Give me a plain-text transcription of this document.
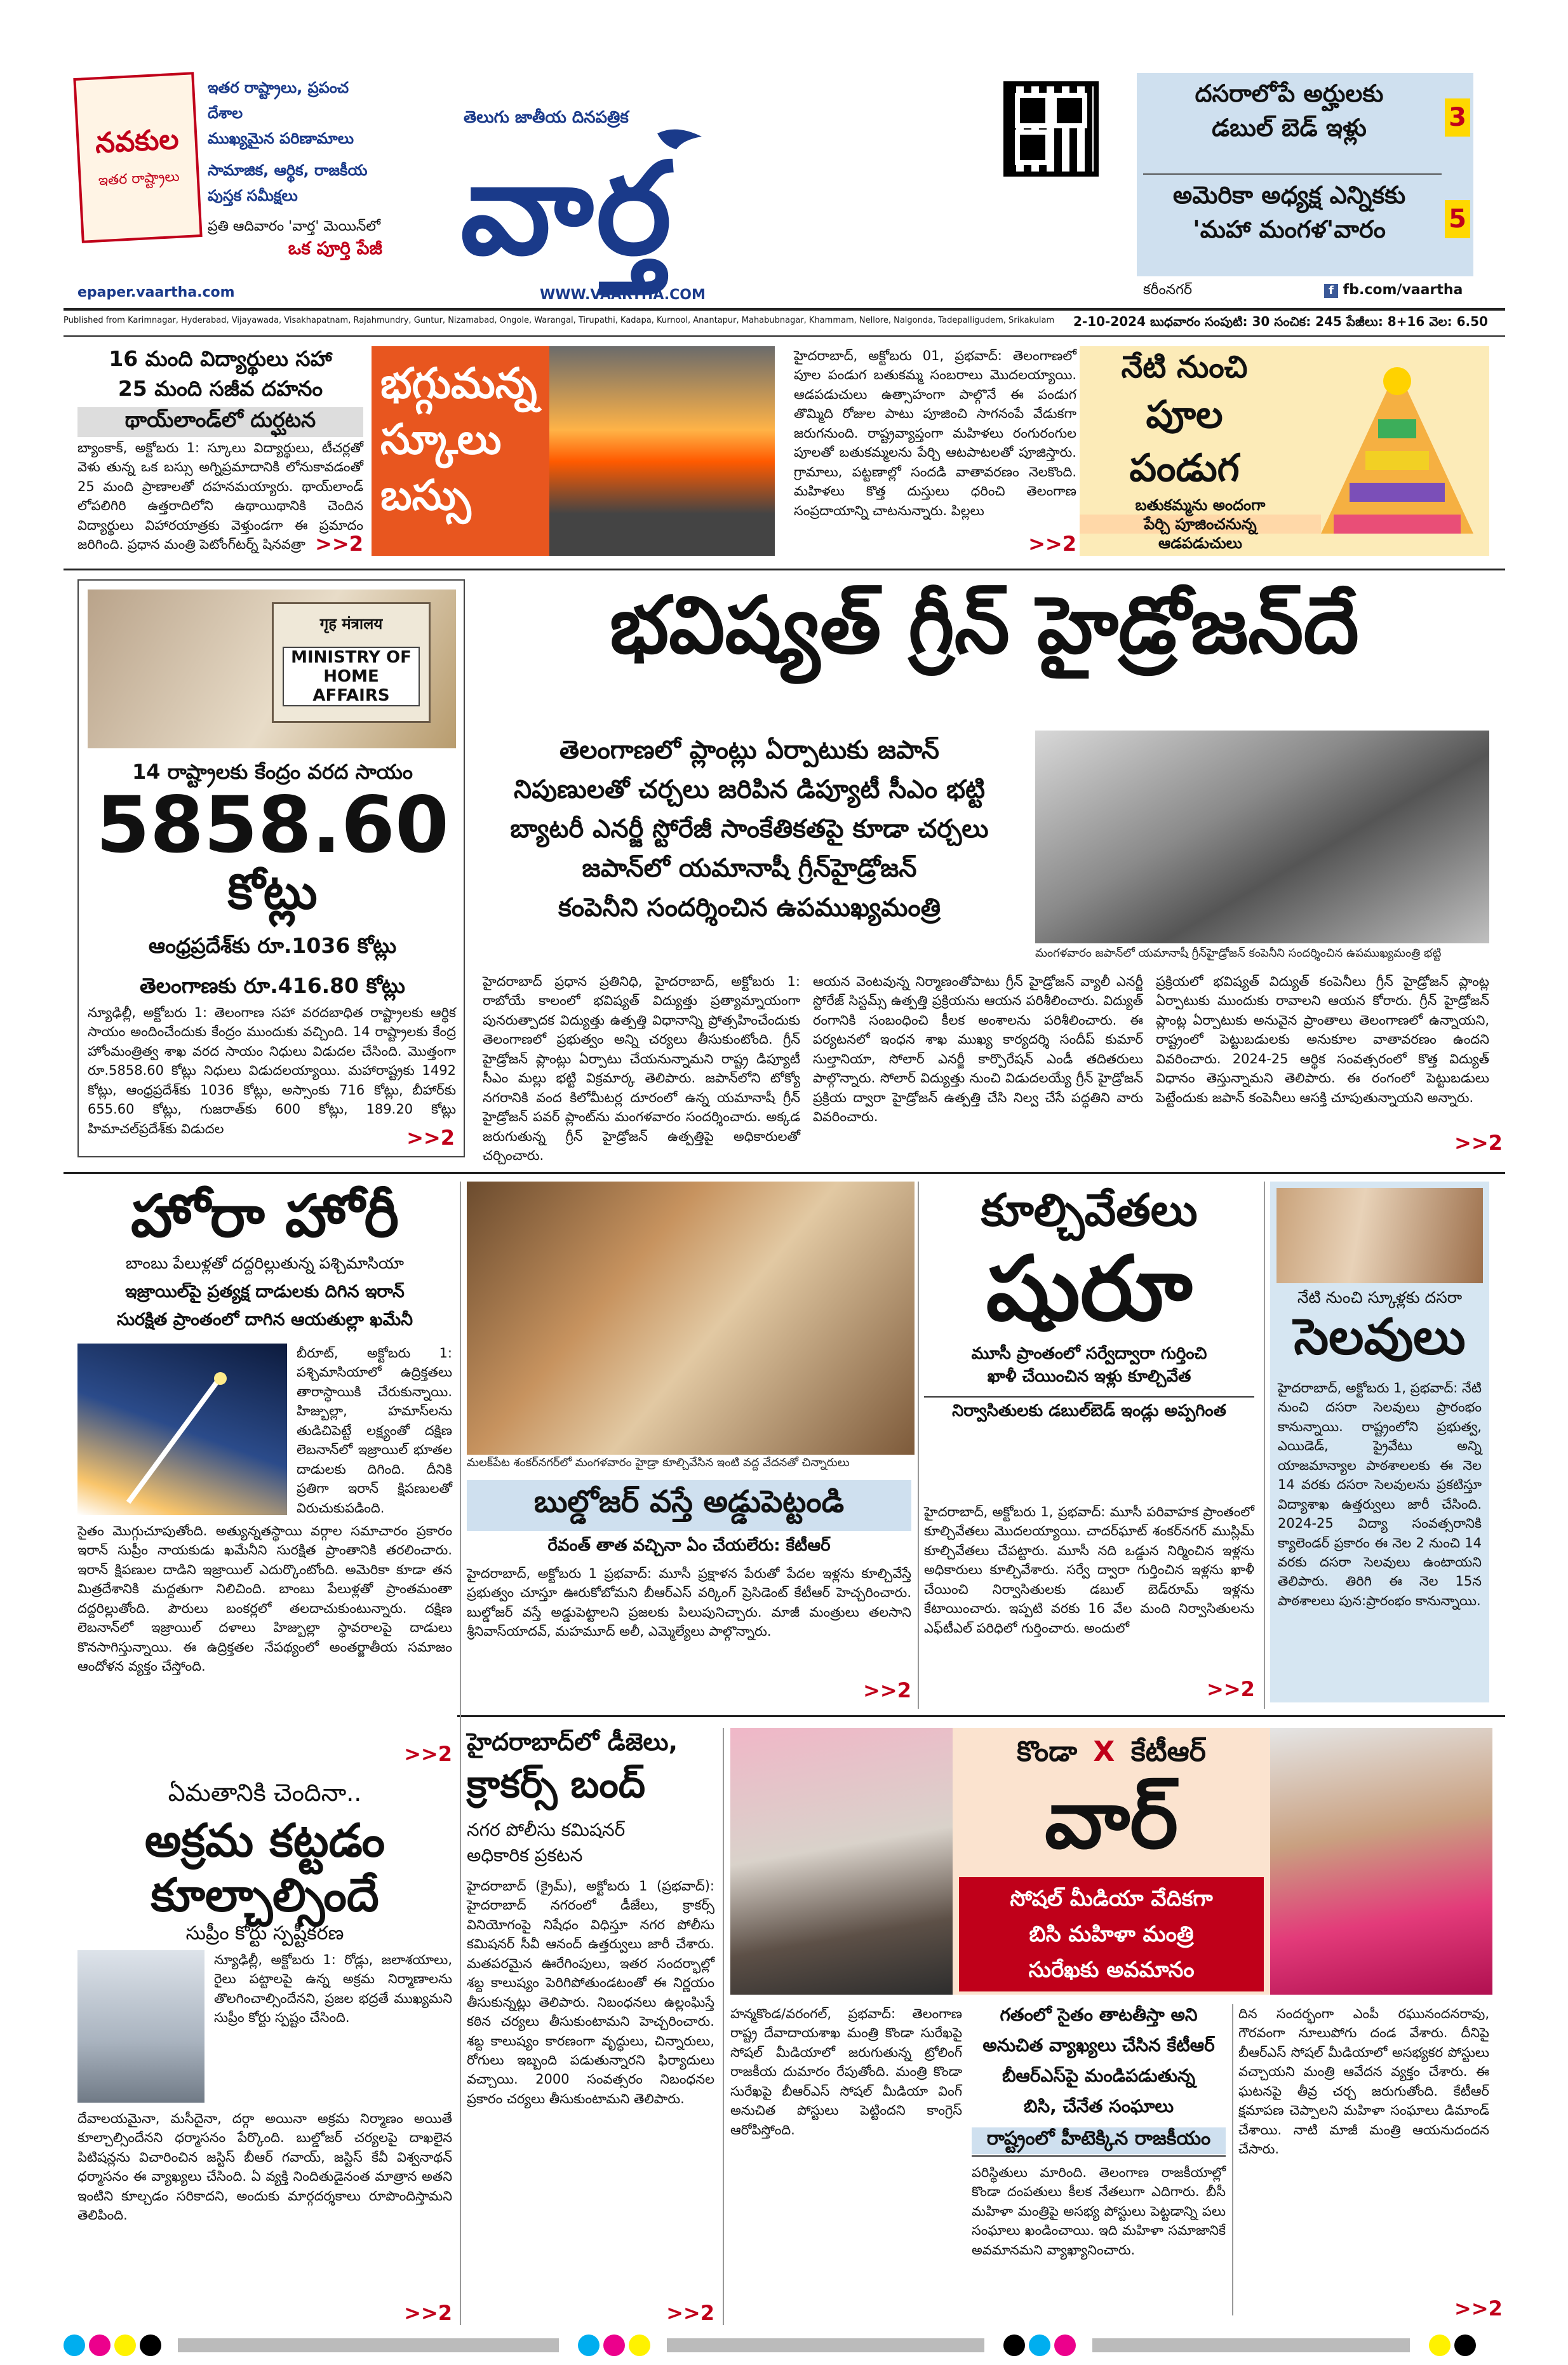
నవకుల
ఇతర రాష్ట్రాలు
ఇతర రాష్ట్రాలు, ప్రపంచ దేశాల
ముఖ్యమైన పరిణామాలు
సామాజిక, ఆర్థిక, రాజకీయ
పుస్తక సమీక్షలు
ప్రతి ఆదివారం 'వార్త' మెయిన్‌లో
ఒక పూర్తి పేజీ
epaper.vaartha.com
తెలుగు జాతీయ దినపత్రిక
వార్త
WWW.VAARTHA.COM
దసరాలోపే అర్హులకు
డబుల్ బెడ్ ఇళ్లు	3
అమెరికా అధ్యక్ష ఎన్నికకు
'మహా మంగళ'వారం	5
కరీంనగర్	f fb.com/vaartha
Published from Karimnagar, Hyderabad, Vijayawada, Visakhapatnam, Rajahmundry, Guntur, Nizamabad, Ongole, Warangal, Tirupathi, Kadapa, Kurnool, Anantapur, Mahabubnagar, Khammam, Nellore, Nalgonda, Tadepalligudem, Srikakulam 2-10-2024 బుధవారం సంపుటి: 30 సంచిక: 245 పేజీలు: 8+16 వెల: 6.50
16 మంది విద్యార్థులు సహా
25 మంది సజీవ దహనం
థాయ్‌లాండ్‌లో దుర్ఘటన
బ్యాంకాక్, అక్టోబరు 1: స్కూలు విద్యార్థులు, టీచర్లతో వెళు తున్న ఒక బస్సు అగ్నిప్రమాదానికి లోనుకావడంతో 25 మంది ప్రాణాలతో దహనమయ్యారు. థాయ్‌లాండ్ లోపలిగిరి ఉత్తరాదిలోని ఉథాయిథానికి చెందిన విద్యార్థులు విహారయాత్రకు వెళ్తుండగా ఈ ప్రమాదం జరిగింది. ప్రధాన మంత్రి పెటోంగ్‌టర్న్ షినవత్రా >>2
భగ్గుమన్న
స్కూలు
బస్సు
హైదరాబాద్, అక్టోబరు 01, ప్రభవాద్: తెలంగాణలో పూల పండుగ బతుకమ్మ సంబరాలు మొదలయ్యాయి. ఆడపడుచులు ఉత్సాహంగా పాల్గొనే ఈ పండుగ తొమ్మిది రోజుల పాటు పూజించి సాగనంపే వేడుకగా జరుగనుంది. రాష్ట్రవ్యాప్తంగా మహిళలు రంగురంగుల పూలతో బతుకమ్మలను పేర్చి ఆటపాటలతో పూజిస్తారు. గ్రామాలు, పట్టణాల్లో సందడి వాతావరణం నెలకొంది. మహిళలు కొత్త దుస్తులు ధరించి తెలంగాణ సంప్రదాయాన్ని చాటనున్నారు. పిల్లలు
>>2
నేటి నుంచి
పూల
పండుగ
బతుకమ్మను అందంగా
పేర్చి పూజించనున్న
ఆడపడుచులు
गृह मंत्रालय
MINISTRY OF HOME AFFAIRS
14 రాష్ట్రాలకు కేంద్రం వరద సాయం
5858.60
కోట్లు
ఆంధ్రప్రదేశ్‌కు రూ.1036 కోట్లు
తెలంగాణకు రూ.416.80 కోట్లు
న్యూఢిల్లీ, అక్టోబరు 1: తెలంగాణ సహా వరదబాధిత రాష్ట్రాలకు ఆర్థిక సాయం అందించేందుకు కేంద్రం ముందుకు వచ్చింది. 14 రాష్ట్రాలకు కేంద్ర హోంమంత్రిత్వ శాఖ వరద సాయం నిధులు విడుదల చేసింది. మొత్తంగా రూ.5858.60 కోట్లు నిధులు విడుదలయ్యాయి. మహారాష్ట్రకు 1492 కోట్లు, ఆంధ్రప్రదేశ్‌కు 1036 కోట్లు, అస్సాంకు 716 కోట్లు, బీహార్‌కు 655.60 కోట్లు, గుజరాత్‌కు 600 కోట్లు, 189.20 కోట్లు హిమాచల్‌ప్రదేశ్‌కు విడుదల	>>2
భవిష్యత్ గ్రీన్ హైడ్రోజన్‌దే
తెలంగాణలో ప్లాంట్లు ఏర్పాటుకు జపాన్
నిపుణులతో చర్చలు జరిపిన డిప్యూటీ సీఎం భట్టి
బ్యాటరీ ఎనర్జీ స్టోరేజీ సాంకేతికతపై కూడా చర్చలు
జపాన్‌లో యమానాషీ గ్రీన్‌హైడ్రోజన్
కంపెనీని సందర్శించిన ఉపముఖ్యమంత్రి
మంగళవారం జపాన్‌లో యమానాషీ గ్రీన్‌హైడ్రోజన్ కంపెనీని సందర్శించిన ఉపముఖ్యమంత్రి భట్టి
హైదరాబాద్ ప్రధాన ప్రతినిధి, హైదరాబాద్, అక్టోబరు 1: రాబోయే కాలంలో భవిష్యత్ విద్యుత్తు ప్రత్యామ్నాయంగా పునరుత్పాదక విద్యుత్తు ఉత్పత్తి విధానాన్ని ప్రోత్సహించేందుకు తెలంగాణలో ప్రభుత్వం అన్ని చర్యలు తీసుకుంటోంది. గ్రీన్ హైడ్రోజన్ ప్లాంట్లు ఏర్పాటు చేయనున్నామని రాష్ట్ర డిప్యూటీ సీఎం మల్లు భట్టి విక్రమార్క తెలిపారు. జపాన్‌లోని టోక్యో నగరానికి వంద కిలోమీటర్ల దూరంలో ఉన్న యమానాషీ గ్రీన్ హైడ్రోజన్ పవర్ ప్లాంట్‌ను మంగళవారం సందర్శించారు. అక్కడ జరుగుతున్న గ్రీన్ హైడ్రోజన్ ఉత్పత్తిపై అధికారులతో చర్చించారు.
ఆయన వెంటవున్న నిర్మాణంతోపాటు గ్రీన్ హైడ్రోజన్ వ్యాలీ ఎనర్జీ స్టోరేజ్ సిస్టమ్స్ ఉత్పత్తి ప్రక్రియను ఆయన పరిశీలించారు. విద్యుత్ రంగానికి సంబంధించి కీలక అంశాలను పరిశీలించారు. ఈ పర్యటనలో ఇంధన శాఖ ముఖ్య కార్యదర్శి సందీప్ కుమార్ సుల్తానియా, సోలార్ ఎనర్జీ కార్పొరేషన్ ఎండీ తదితరులు పాల్గొన్నారు. సోలార్ విద్యుత్తు నుంచి విడుదలయ్యే గ్రీన్ హైడ్రోజన్ ప్రక్రియ ద్వారా హైడ్రోజన్ ఉత్పత్తి చేసి నిల్వ చేసే పద్ధతిని వారు వివరించారు.
ప్రక్రియలో భవిష్యత్ విద్యుత్ కంపెనీలు గ్రీన్ హైడ్రోజన్ ప్లాంట్ల ఏర్పాటుకు ముందుకు రావాలని ఆయన కోరారు. గ్రీన్ హైడ్రోజన్ ప్లాంట్ల ఏర్పాటుకు అనువైన ప్రాంతాలు తెలంగాణలో ఉన్నాయని, రాష్ట్రంలో పెట్టుబడులకు అనుకూల వాతావరణం ఉందని వివరించారు. 2024-25 ఆర్థిక సంవత్సరంలో కొత్త విద్యుత్ విధానం తెస్తున్నామని తెలిపారు. ఈ రంగంలో పెట్టుబడులు పెట్టేందుకు జపాన్ కంపెనీలు ఆసక్తి చూపుతున్నాయని అన్నారు.
>>2
హోరా హోరీ
బాంబు పేలుళ్లతో దద్దరిల్లుతున్న పశ్చిమాసియా
ఇజ్రాయిల్‌పై ప్రత్యక్ష దాడులకు దిగిన ఇరాన్
సురక్షిత ప్రాంతంలో దాగిన ఆయతుల్లా ఖమేనీ
బీరూట్, అక్టోబరు 1: పశ్చిమాసియాలో ఉద్రిక్తతలు తారాస్థాయికి చేరుకున్నాయి. హిజ్బుల్లా, హమాస్‌లను తుడిచిపెట్టే లక్ష్యంతో దక్షిణ లెబనాన్‌లో ఇజ్రాయిల్ భూతల దాడులకు దిగింది. దీనికి ప్రతిగా ఇరాన్ క్షిపణులతో విరుచుకుపడింది.
సైతం మొగ్గుచూపుతోంది. అత్యున్నతస్థాయి వర్గాల సమాచారం ప్రకారం ఇరాన్ సుప్రీం నాయకుడు ఖమేనీని సురక్షిత ప్రాంతానికి తరలించారు. ఇరాన్ క్షిపణుల దాడిని ఇజ్రాయిల్ ఎదుర్కొంటోంది. అమెరికా కూడా తన మిత్రదేశానికి మద్దతుగా నిలిచింది. బాంబు పేలుళ్లతో ప్రాంతమంతా దద్దరిల్లుతోంది. పౌరులు బంకర్లలో తలదాచుకుంటున్నారు. దక్షిణ లెబనాన్‌లో ఇజ్రాయిల్ దళాలు హిజ్బుల్లా స్థావరాలపై దాడులు కొనసాగిస్తున్నాయి. ఈ ఉద్రిక్తతల నేపథ్యంలో అంతర్జాతీయ సమాజం ఆందోళన వ్యక్తం చేస్తోంది.
>>2
మలక్‌పేట శంకర్‌నగర్‌లో మంగళవారం హైడ్రా కూల్చివేసిన ఇంటి వద్ద వేదనతో చిన్నారులు
కూల్చివేతలు
షురూ
మూసీ ప్రాంతంలో సర్వేద్వారా గుర్తించి
ఖాళీ చేయించిన ఇళ్లు కూల్చివేత
నిర్వాసితులకు డబుల్‌బెడ్ ఇండ్లు అప్పగింత
హైదరాబాద్, అక్టోబరు 1, ప్రభవాద్: మూసీ పరివాహక ప్రాంతంలో కూల్చివేతలు మొదలయ్యాయి. చాదర్‌ఘాట్ శంకర్‌నగర్ ముస్లిమ్ కూల్చివేతలు చేపట్టారు. మూసీ నది ఒడ్డున నిర్మించిన ఇళ్లను అధికారులు కూల్చివేశారు. సర్వే ద్వారా గుర్తించిన ఇళ్లను ఖాళీ చేయించి నిర్వాసితులకు డబుల్ బెడ్‌రూమ్ ఇళ్లను కేటాయించారు. ఇప్పటి వరకు 16 వేల మంది నిర్వాసితులను ఎఫ్‌టీఎల్ పరిధిలో గుర్తించారు. అందులో
>>2
బుల్డోజర్ వస్తే అడ్డుపెట్టండి
రేవంత్ తాత వచ్చినా ఏం చేయలేరు: కేటీఆర్
హైదరాబాద్, అక్టోబరు 1 ప్రభవాద్: మూసీ ప్రక్షాళన పేరుతో పేదల ఇళ్లను కూల్చివేస్తే ప్రభుత్వం చూస్తూ ఊరుకోబోమని బీఆర్ఎస్ వర్కింగ్ ప్రెసిడెంట్ కేటీఆర్ హెచ్చరించారు. బుల్డోజర్ వస్తే అడ్డుపెట్టాలని ప్రజలకు పిలుపునిచ్చారు. మాజీ మంత్రులు తలసాని శ్రీనివాస్‌యాదవ్, మహమూద్ అలీ, ఎమ్మెల్యేలు పాల్గొన్నారు.
>>2
నేటి నుంచి స్కూళ్లకు దసరా
సెలవులు
హైదరాబాద్, అక్టోబరు 1, ప్రభవాద్: నేటి నుంచి దసరా సెలవులు ప్రారంభం కానున్నాయి. రాష్ట్రంలోని ప్రభుత్వ, ఎయిడెడ్, ప్రైవేటు అన్ని యాజమాన్యాల పాఠశాలలకు ఈ నెల 14 వరకు దసరా సెలవులను ప్రకటిస్తూ విద్యాశాఖ ఉత్తర్వులు జారీ చేసింది. 2024-25 విద్యా సంవత్సరానికి క్యాలెండర్ ప్రకారం ఈ నెల 2 నుంచి 14 వరకు దసరా సెలవులు ఉంటాయని తెలిపారు. తిరిగి ఈ నెల 15న పాఠశాలలు పున:ప్రారంభం కానున్నాయి.
ఏమతానికి చెందినా..
అక్రమ కట్టడం
కూల్చాల్సిందే
సుప్రీం కోర్టు స్పష్టీకరణ
న్యూఢిల్లీ, అక్టోబరు 1: రోడ్లు, జలాశయాలు, రైలు పట్టాలపై ఉన్న అక్రమ నిర్మాణాలను తొలగించాల్సిందేనని, ప్రజల భద్రతే ముఖ్యమని సుప్రీం కోర్టు స్పష్టం చేసింది.
దేవాలయమైనా, మసీదైనా, దర్గా అయినా అక్రమ నిర్మాణం అయితే కూల్చాల్సిందేనని ధర్మాసనం పేర్కొంది. బుల్డోజర్ చర్యలపై దాఖలైన పిటిషన్లను విచారించిన జస్టిస్ బీఆర్ గవాయ్, జస్టిస్ కేవీ విశ్వనాథన్ ధర్మాసనం ఈ వ్యాఖ్యలు చేసింది. ఏ వ్యక్తి నిందితుడైనంత మాత్రాన అతని ఇంటిని కూల్చడం సరికాదని, అందుకు మార్గదర్శకాలు రూపొందిస్తామని తెలిపింది.
>>2
హైదరాబాద్‌లో డీజెలు,
క్రాకర్స్ బంద్
నగర పోలీసు కమిషనర్
అధికారిక ప్రకటన
హైదరాబాద్ (క్రైమ్), అక్టోబరు 1 (ప్రభవాద్): హైదరాబాద్ నగరంలో డీజేలు, క్రాకర్స్ వినియోగంపై నిషేధం విధిస్తూ నగర పోలీసు కమిషనర్ సీవీ ఆనంద్ ఉత్తర్వులు జారీ చేశారు. మతపరమైన ఊరేగింపులు, ఇతర సందర్భాల్లో శబ్ద కాలుష్యం పెరిగిపోతుండటంతో ఈ నిర్ణయం తీసుకున్నట్లు తెలిపారు. నిబంధనలు ఉల్లంఘిస్తే కఠిన చర్యలు తీసుకుంటామని హెచ్చరించారు. శబ్ద కాలుష్యం కారణంగా వృద్ధులు, చిన్నారులు, రోగులు ఇబ్బంది పడుతున్నారని ఫిర్యాదులు వచ్చాయి. 2000 సంవత్సరం నిబంధనల ప్రకారం చర్యలు తీసుకుంటామని తెలిపారు.
>>2
కొండా X కేటీఆర్
వార్
సోషల్ మీడియా వేదికగా
బిసి మహిళా మంత్రి
సురేఖకు అవమానం
హన్మకొండ/వరంగల్, ప్రభవాద్: తెలంగాణ రాష్ట్ర దేవాదాయశాఖ మంత్రి కొండా సురేఖపై సోషల్ మీడియాలో జరుగుతున్న ట్రోలింగ్ రాజకీయ దుమారం రేపుతోంది. మంత్రి కొండా సురేఖపై బీఆర్ఎస్ సోషల్ మీడియా వింగ్ అనుచిత పోస్టులు పెట్టిందని కాంగ్రెస్ ఆరోపిస్తోంది.
గతంలో సైతం తాటతీస్తా అని
అనుచిత వ్యాఖ్యలు చేసిన కేటీఆర్
బీఆర్ఎస్‌పై మండిపడుతున్న
బిసి, చేనేత సంఘాలు
రాష్ట్రంలో హీటెక్కిన రాజకీయం
పరిస్థితులు మారింది. తెలంగాణ రాజకీయాల్లో కొండా దంపతులు కీలక నేతలుగా ఎదిగారు. బీసీ మహిళా మంత్రిపై అసభ్య పోస్టులు పెట్టడాన్ని పలు సంఘాలు ఖండించాయి. ఇది మహిళా సమాజానికే అవమానమని వ్యాఖ్యానించారు.
దిన సందర్భంగా ఎంపీ రఘునందనరావు, గౌరవంగా నూలుపోగు దండ వేశారు. దీనిపై బీఆర్ఎస్ సోషల్ మీడియాలో అసభ్యకర పోస్టులు వచ్చాయని మంత్రి ఆవేదన వ్యక్తం చేశారు. ఈ ఘటనపై తీవ్ర చర్చ జరుగుతోంది. కేటీఆర్ క్షమాపణ చెప్పాలని మహిళా సంఘాలు డిమాండ్ చేశాయి. నాటి మాజీ మంత్రి ఆయనుదందన చేసారు.
>>2
